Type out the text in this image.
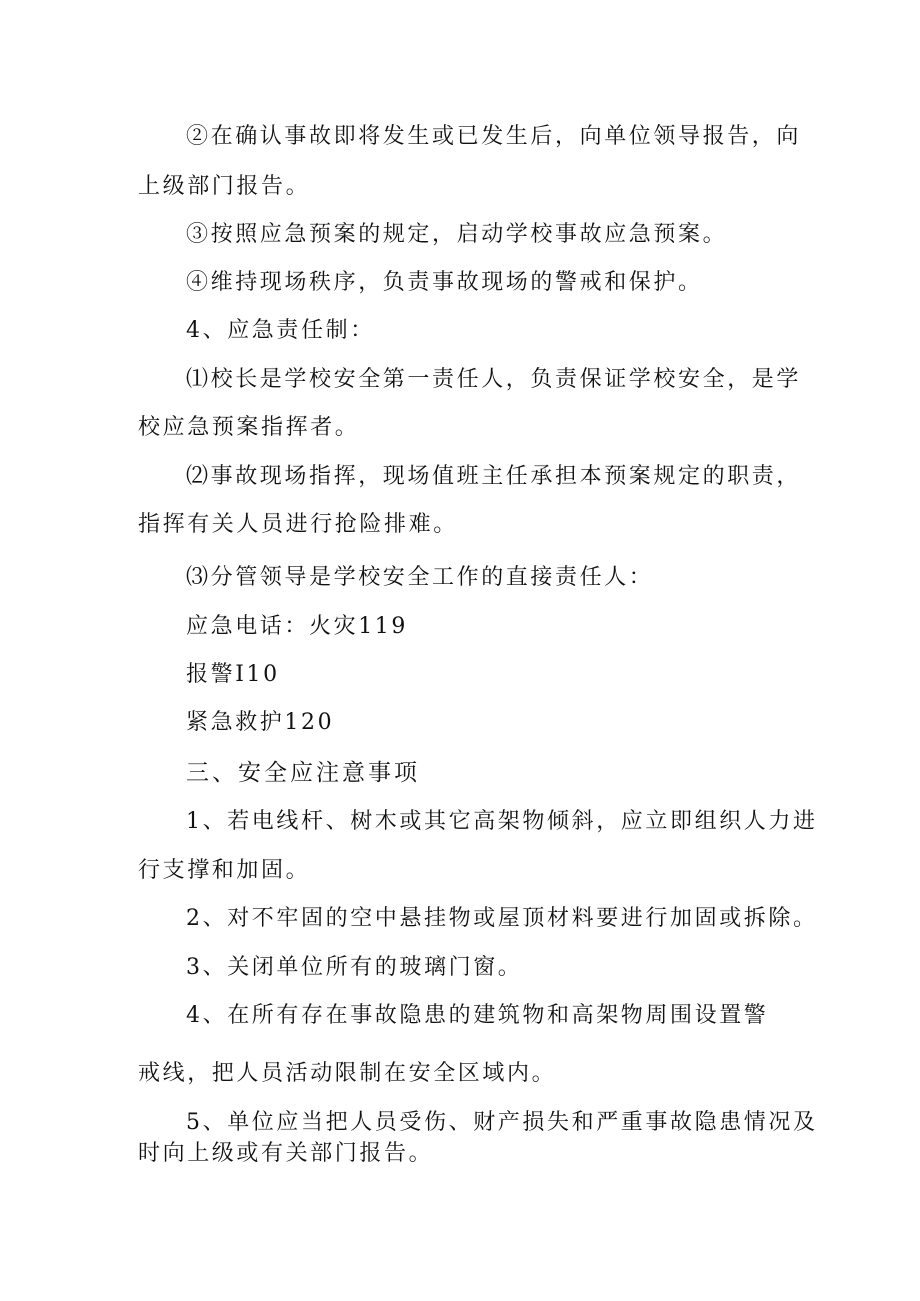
②在确认事故即将发生或已发生后，向单位领导报告，向
上级部门报告。
③按照应急预案的规定，启动学校事故应急预案。
④维持现场秩序，负责事故现场的警戒和保护。
4、应急责任制：
⑴校长是学校安全第一责任人，负责保证学校安全，是学
校应急预案指挥者。
⑵事故现场指挥，现场值班主任承担本预案规定的职责，
指挥有关人员进行抢险排难。
⑶分管领导是学校安全工作的直接责任人：
应急电话：火灾119
报警I10
紧急救护120
三、安全应注意事项
1、若电线杆、树木或其它高架物倾斜，应立即组织人力进
行支撑和加固。
2、对不牢固的空中悬挂物或屋顶材料要进行加固或拆除。
3、关闭单位所有的玻璃门窗。
4、在所有存在事故隐患的建筑物和高架物周围设置警
戒线，把人员活动限制在安全区域内。
5、单位应当把人员受伤、财产损失和严重事故隐患情况及
时向上级或有关部门报告。
